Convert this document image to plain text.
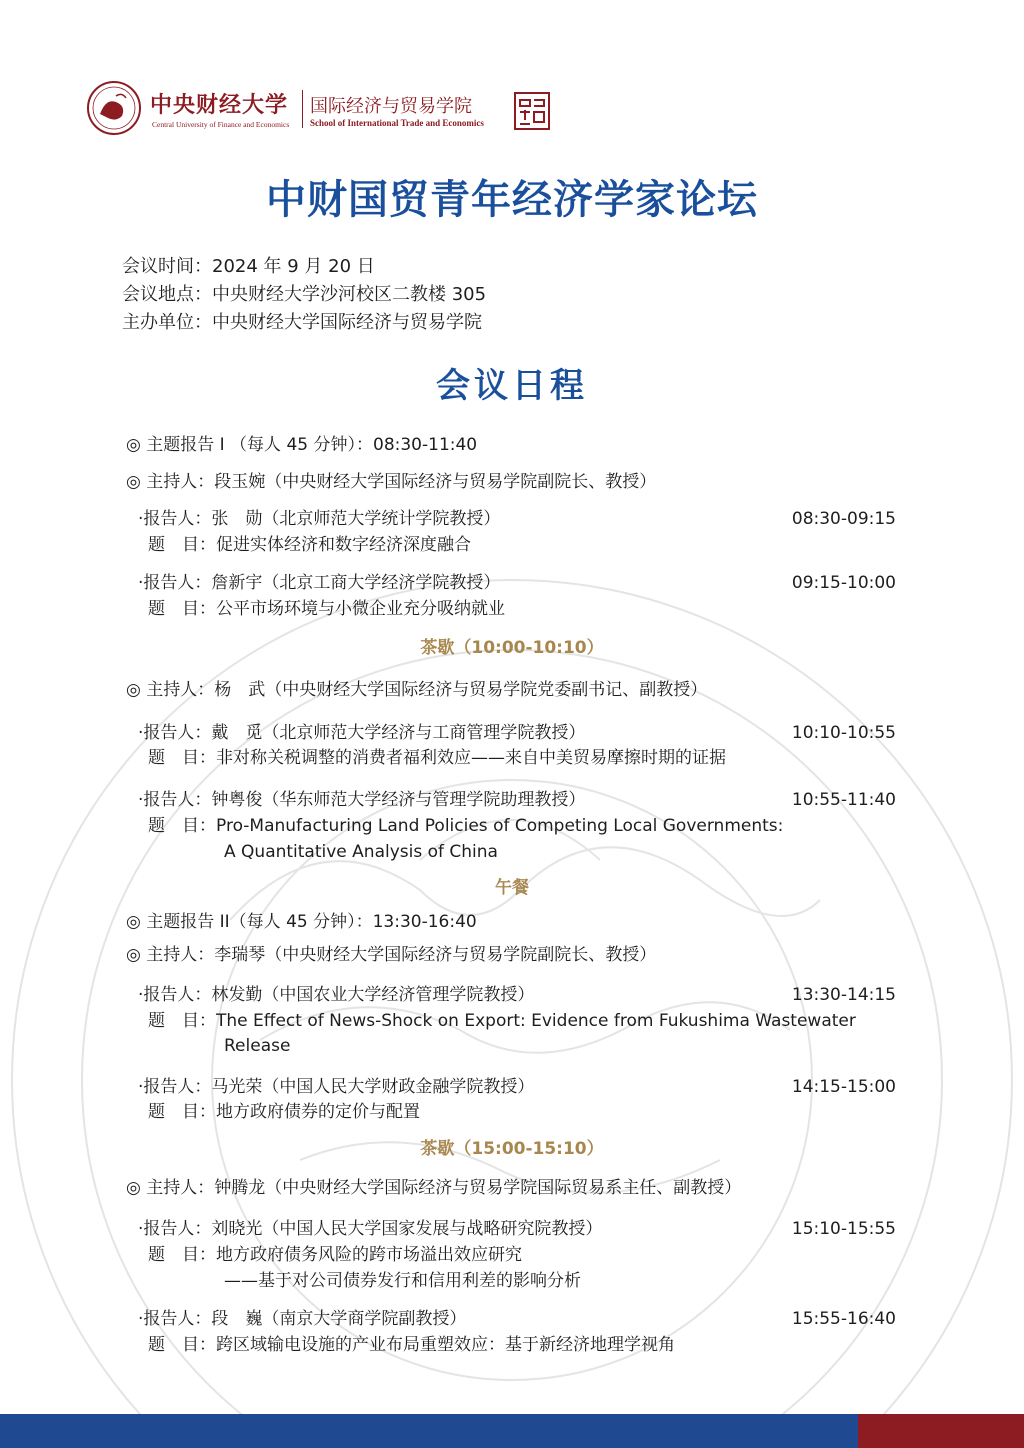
中央财经大学
Central University of Finance and Economics
国际经济与贸易学院
School of International Trade and Economics
中财国贸青年经济学家论坛
会议时间：2024 年 9 月 20 日
会议地点：中央财经大学沙河校区二教楼 305
主办单位：中央财经大学国际经济与贸易学院
会议日程
◎ 主题报告 I （每人 45 分钟）：08:30-11:40
◎ 主持人：段玉婉（中央财经大学国际经济与贸易学院副院长、教授）
·报告人：张　勋（北京师范大学统计学院教授）	08:30-09:15
题　目：促进实体经济和数字经济深度融合
·报告人：詹新宇（北京工商大学经济学院教授）	09:15-10:00
题　目：公平市场环境与小微企业充分吸纳就业
茶歇（10:00-10:10）
◎ 主持人：杨　武（中央财经大学国际经济与贸易学院党委副书记、副教授）
·报告人：戴　觅（北京师范大学经济与工商管理学院教授）	10:10-10:55
题　目：非对称关税调整的消费者福利效应——来自中美贸易摩擦时期的证据
·报告人：钟粤俊（华东师范大学经济与管理学院助理教授）	10:55-11:40
题　目：Pro-Manufacturing Land Policies of Competing Local Governments:
A Quantitative Analysis of China
午餐
◎ 主题报告 II（每人 45 分钟）：13:30-16:40
◎ 主持人：李瑞琴（中央财经大学国际经济与贸易学院副院长、教授）
·报告人：林发勤（中国农业大学经济管理学院教授）	13:30-14:15
题　目：The Effect of News-Shock on Export: Evidence from Fukushima Wastewater
Release
·报告人：马光荣（中国人民大学财政金融学院教授）	14:15-15:00
题　目：地方政府债券的定价与配置
茶歇（15:00-15:10）
◎ 主持人：钟腾龙（中央财经大学国际经济与贸易学院国际贸易系主任、副教授）
·报告人：刘晓光（中国人民大学国家发展与战略研究院教授）	15:10-15:55
题　目：地方政府债务风险的跨市场溢出效应研究
——基于对公司债券发行和信用利差的影响分析
·报告人：段　巍（南京大学商学院副教授）	15:55-16:40
题　目：跨区域输电设施的产业布局重塑效应：基于新经济地理学视角
